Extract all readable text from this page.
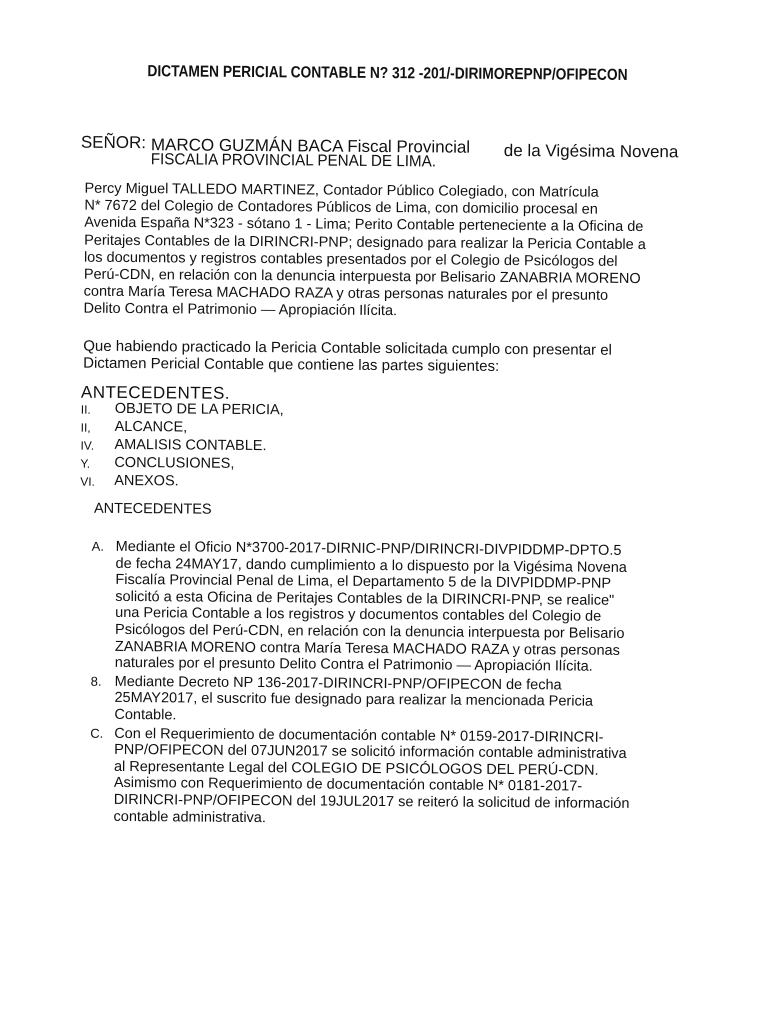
DICTAMEN PERICIAL CONTABLE N? 312 -201/-DIRIMOREPNP/OFIPECON
SEÑOR: MARCO GUZMÁN BACA Fiscal Provincial de la Vigésima Novena
FISCALIA PROVINCIAL PENAL DE LIMA.
Percy Miguel TALLEDO MARTINEZ, Contador Público Colegiado, con Matrícula
N* 7672 del Colegio de Contadores Públicos de Lima, con domicilio procesal en
Avenida España N*323 - sótano 1 - Lima; Perito Contable perteneciente a la Oficina de
Peritajes Contables de la DIRINCRI-PNP; designado para realizar la Pericia Contable a
los documentos y registros contables presentados por el Colegio de Psicólogos del
Perú-CDN, en relación con la denuncia interpuesta por Belisario ZANABRIA MORENO
contra María Teresa MACHADO RAZA y otras personas naturales por el presunto
Delito Contra el Patrimonio — Apropiación Ilícita.
Que habiendo practicado la Pericia Contable solicitada cumplo con presentar el
Dictamen Pericial Contable que contiene las partes siguientes:
ANTECEDENTES.
II. OBJETO DE LA PERICIA,
II, ALCANCE,
IV. AMALISIS CONTABLE.
Y. CONCLUSIONES,
VI. ANEXOS.
ANTECEDENTES
A. Mediante el Oficio N*3700-2017-DIRNIC-PNP/DIRINCRI-DIVPIDDMP-DPTO.5
de fecha 24MAY17, dando cumplimiento a lo dispuesto por la Vigésima Novena
Fiscalía Provincial Penal de Lima, el Departamento 5 de la DIVPIDDMP-PNP
solicitó a esta Oficina de Peritajes Contables de la DIRINCRI-PNP, se realice"
una Pericia Contable a los registros y documentos contables del Colegio de
Psicólogos del Perú-CDN, en relación con la denuncia interpuesta por Belisario
ZANABRIA MORENO contra María Teresa MACHADO RAZA y otras personas
naturales por el presunto Delito Contra el Patrimonio — Apropiación Ilícita.
8. Mediante Decreto NP 136-2017-DIRINCRI-PNP/OFIPECON de fecha
25MAY2017, el suscrito fue designado para realizar la mencionada Pericia
Contable.
C. Con el Requerimiento de documentación contable N* 0159-2017-DIRINCRI-
PNP/OFIPECON del 07JUN2017 se solicitó información contable administrativa
al Representante Legal del COLEGIO DE PSICÓLOGOS DEL PERÚ-CDN.
Asimismo con Requerimiento de documentación contable N* 0181-2017-
DIRINCRI-PNP/OFIPECON del 19JUL2017 se reiteró la solicitud de información
contable administrativa.
